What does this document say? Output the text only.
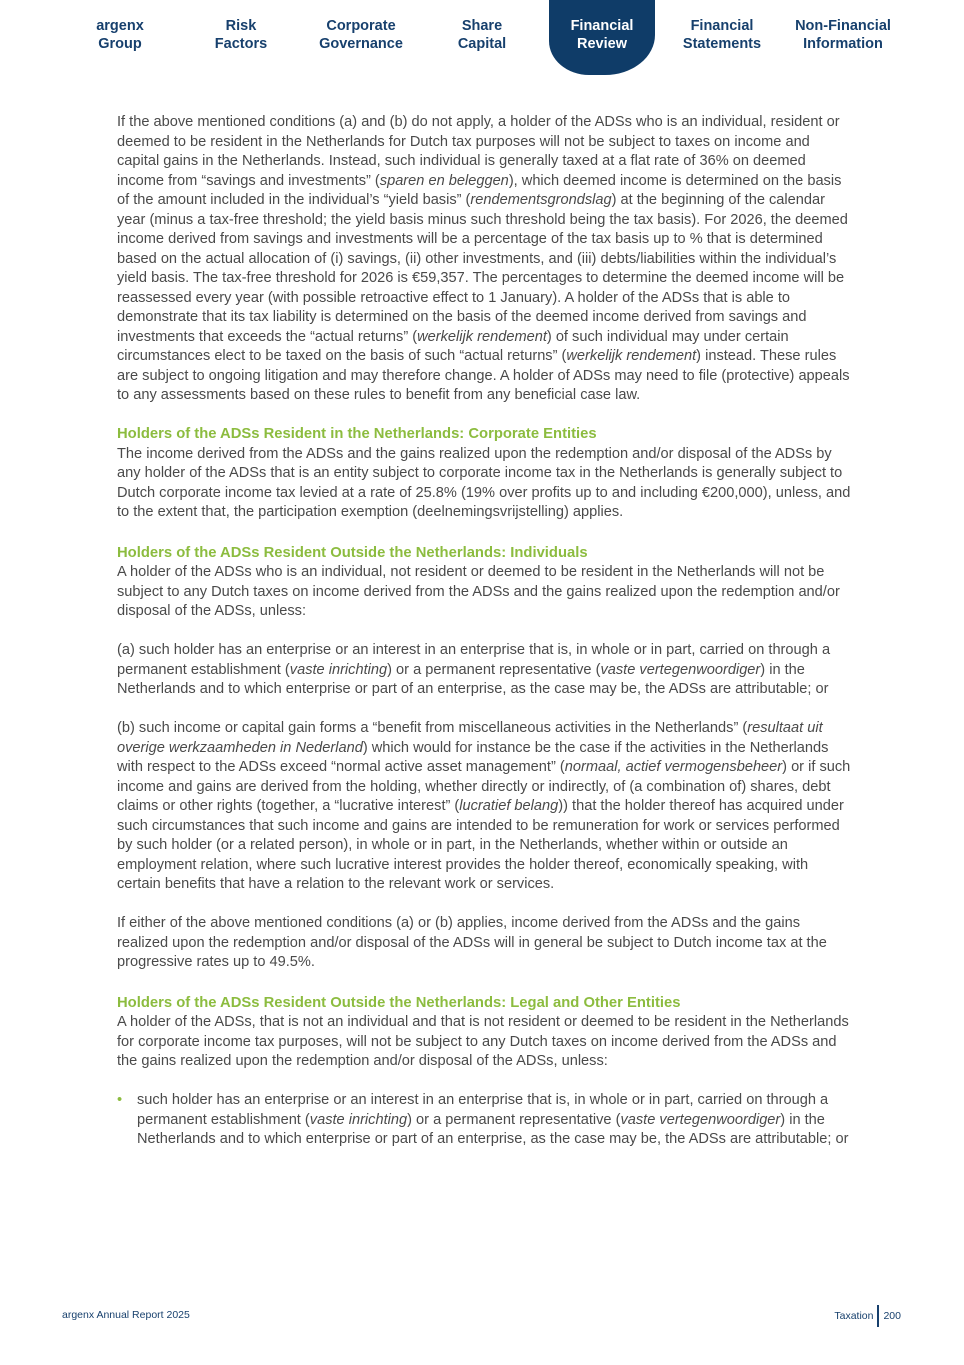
argenx
Group
Risk
Factors
Corporate
Governance
Share
Capital
Financial
Review
Financial
Statements
Non-Financial
Information

If the above mentioned conditions (a) and (b) do not apply, a holder of the ADSs who is an individual, resident or deemed to be resident in the Netherlands for Dutch tax purposes will not be subject to taxes on income and capital gains in the Netherlands. Instead, such individual is generally taxed at a flat rate of 36% on deemed income from “savings and investments” (sparen en beleggen), which deemed income is determined on the basis of the amount included in the individual’s “yield basis” (rendementsgrondslag) at the beginning of the calendar year (minus a tax-free threshold; the yield basis minus such threshold being the tax basis). For 2026, the deemed income derived from savings and investments will be a percentage of the tax basis up to % that is determined based on the actual allocation of (i) savings, (ii) other investments, and (iii) debts/liabilities within the individual’s yield basis. The tax-free threshold for 2026 is €59,357. The percentages to determine the deemed income will be reassessed every year (with possible retroactive effect to 1 January). A holder of the ADSs that is able to demonstrate that its tax liability is determined on the basis of the deemed income derived from savings and investments that exceeds the “actual returns” (werkelijk rendement) of such individual may under certain circumstances elect to be taxed on the basis of such “actual returns” (werkelijk rendement) instead. These rules are subject to ongoing litigation and may therefore change. A holder of ADSs may need to file (protective) appeals to any assessments based on these rules to benefit from any beneficial case law.

Holders of the ADSs Resident in the Netherlands: Corporate Entities

The income derived from the ADSs and the gains realized upon the redemption and/or disposal of the ADSs by any holder of the ADSs that is an entity subject to corporate income tax in the Netherlands is generally subject to Dutch corporate income tax levied at a rate of 25.8% (19% over profits up to and including €200,000), unless, and to the extent that, the participation exemption (deelnemingsvrijstelling) applies.

Holders of the ADSs Resident Outside the Netherlands: Individuals

A holder of the ADSs who is an individual, not resident or deemed to be resident in the Netherlands will not be subject to any Dutch taxes on income derived from the ADSs and the gains realized upon the redemption and/or disposal of the ADSs, unless:

(a) such holder has an enterprise or an interest in an enterprise that is, in whole or in part, carried on through a permanent establishment (vaste inrichting) or a permanent representative (vaste vertegenwoordiger) in the Netherlands and to which enterprise or part of an enterprise, as the case may be, the ADSs are attributable; or

(b) such income or capital gain forms a “benefit from miscellaneous activities in the Netherlands” (resultaat uit overige werkzaamheden in Nederland) which would for instance be the case if the activities in the Netherlands with respect to the ADSs exceed “normal active asset management” (normaal, actief vermogensbeheer) or if such income and gains are derived from the holding, whether directly or indirectly, of (a combination of) shares, debt claims or other rights (together, a “lucrative interest” (lucratief belang)) that the holder thereof has acquired under such circumstances that such income and gains are intended to be remuneration for work or services performed by such holder (or a related person), in whole or in part, in the Netherlands, whether within or outside an employment relation, where such lucrative interest provides the holder thereof, economically speaking, with certain benefits that have a relation to the relevant work or services.

If either of the above mentioned conditions (a) or (b) applies, income derived from the ADSs and the gains realized upon the redemption and/or disposal of the ADSs will in general be subject to Dutch income tax at the progressive rates up to 49.5%.

Holders of the ADSs Resident Outside the Netherlands: Legal and Other Entities

A holder of the ADSs, that is not an individual and that is not resident or deemed to be resident in the Netherlands for corporate income tax purposes, will not be subject to any Dutch taxes on income derived from the ADSs and the gains realized upon the redemption and/or disposal of the ADSs, unless:

•	such holder has an enterprise or an interest in an enterprise that is, in whole or in part, carried on through a permanent establishment (vaste inrichting) or a permanent representative (vaste vertegenwoordiger) in the Netherlands and to which enterprise or part of an enterprise, as the case may be, the ADSs are attributable; or
argenx Annual Report 2025	Taxation 200
